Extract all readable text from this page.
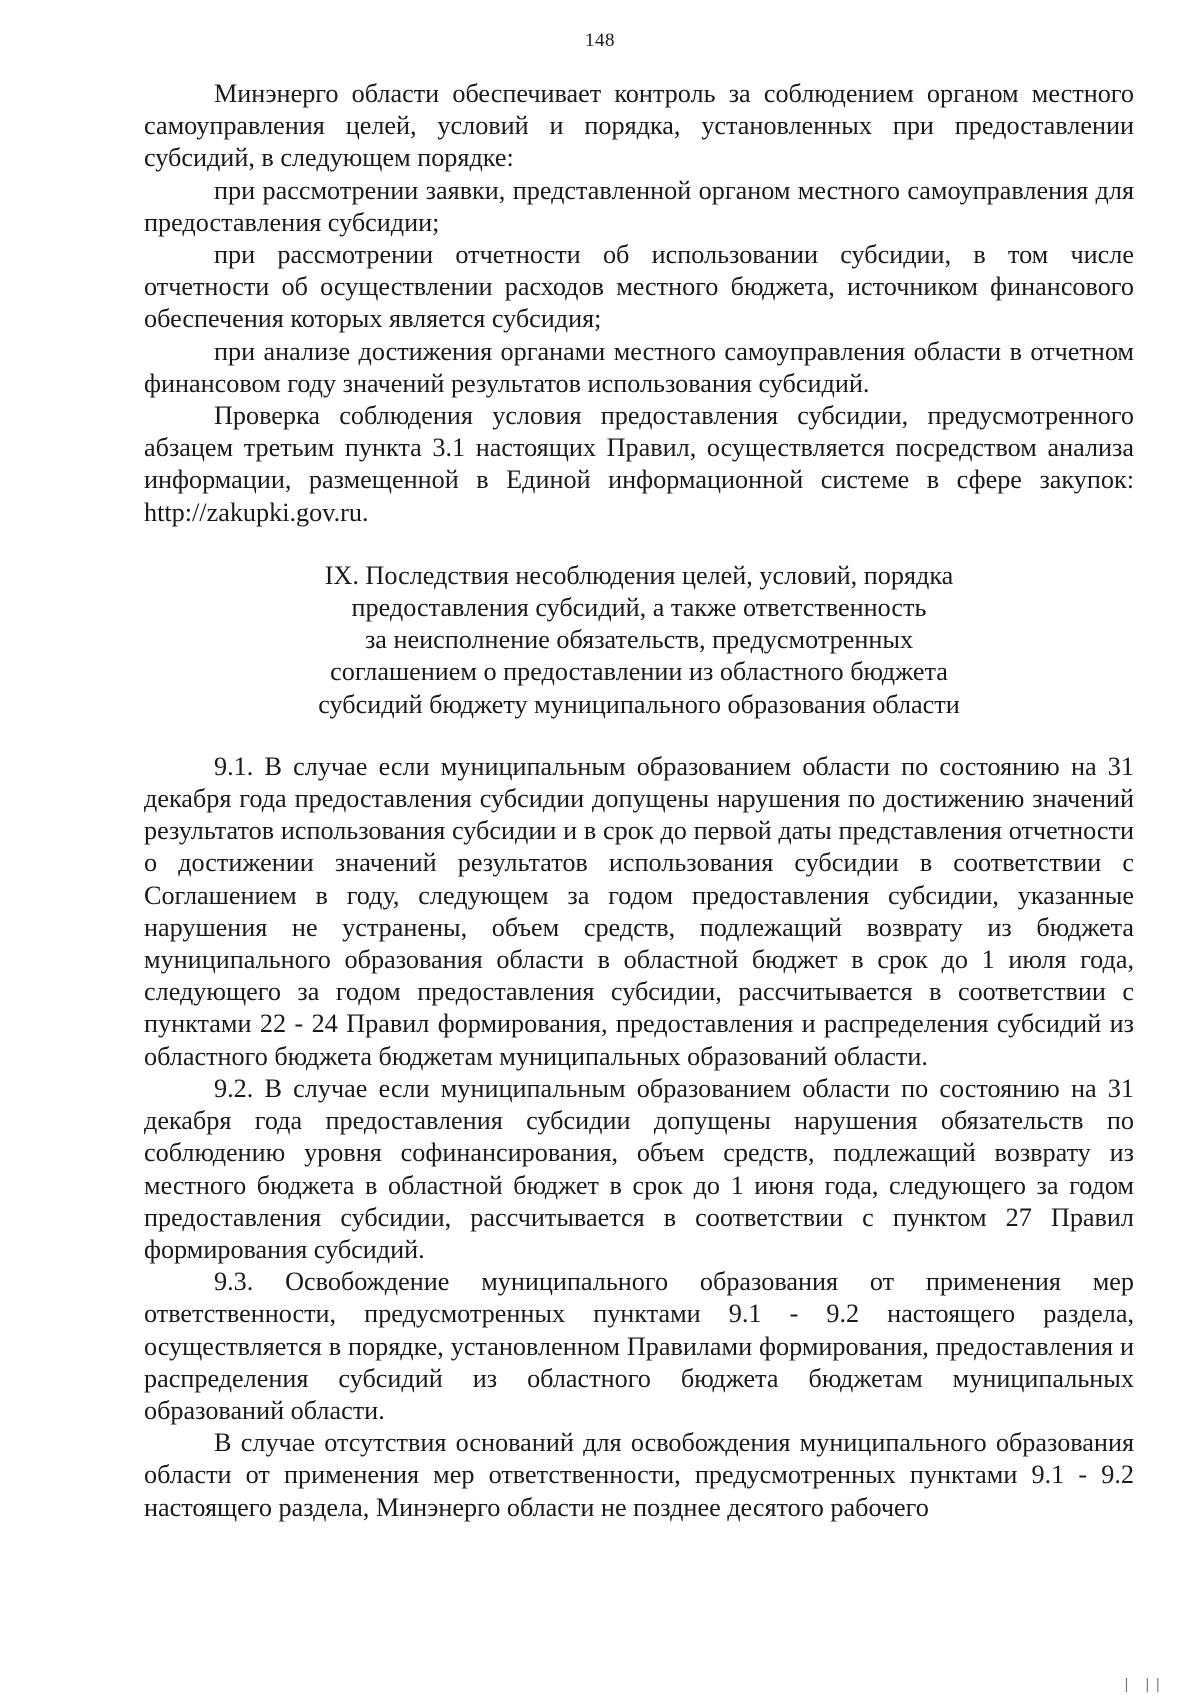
148

Минэнерго области обеспечивает контроль за соблюдением органом местного самоуправления целей, условий и порядка, установленных при предоставлении субсидий, в следующем порядке:

при рассмотрении заявки, представленной органом местного самоуправления для предоставления субсидии;

при рассмотрении отчетности об использовании субсидии, в том числе отчетности об осуществлении расходов местного бюджета, источником финансового обеспечения которых является субсидия;

при анализе достижения органами местного самоуправления области в отчетном финансовом году значений результатов использования субсидий.

Проверка соблюдения условия предоставления субсидии, предусмотренного абзацем третьим пункта 3.1 настоящих Правил, осуществляется посредством анализа информации, размещенной в Единой информационной системе в сфере закупок: http://zakupki.gov.ru.

IX. Последствия несоблюдения целей, условий, порядка
предоставления субсидий, а также ответственность
за неисполнение обязательств, предусмотренных
соглашением о предоставлении из областного бюджета
субсидий бюджету муниципального образования области

9.1. В случае если муниципальным образованием области по состоянию на 31 декабря года предоставления субсидии допущены нарушения по достижению значений результатов использования субсидии и в срок до первой даты представления отчетности о достижении значений результатов использования субсидии в соответствии с Соглашением в году, следующем за годом предоставления субсидии, указанные нарушения не устранены, объем средств, подлежащий возврату из бюджета муниципального образования области в областной бюджет в срок до 1 июля года, следующего за годом предоставления субсидии, рассчитывается в соответствии с пунктами 22 - 24 Правил формирования, предоставления и распределения субсидий из областного бюджета бюджетам муниципальных образований области.

9.2. В случае если муниципальным образованием области по состоянию на 31 декабря года предоставления субсидии допущены нарушения обязательств по соблюдению уровня софинансирования, объем средств, подлежащий возврату из местного бюджета в областной бюджет в срок до 1 июня года, следующего за годом предоставления субсидии, рассчитывается в соответствии с пунктом 27 Правил формирования субсидий.

9.3. Освобождение муниципального образования от применения мер ответственности, предусмотренных пунктами 9.1 - 9.2 настоящего раздела, осуществляется в порядке, установленном Правилами формирования, предоставления и распределения субсидий из областного бюджета бюджетам муниципальных образований области.

В случае отсутствия оснований для освобождения муниципального образования области от применения мер ответственности, предусмотренных пунктами 9.1 - 9.2 настоящего раздела, Минэнерго области не позднее десятого рабочего

| ||
